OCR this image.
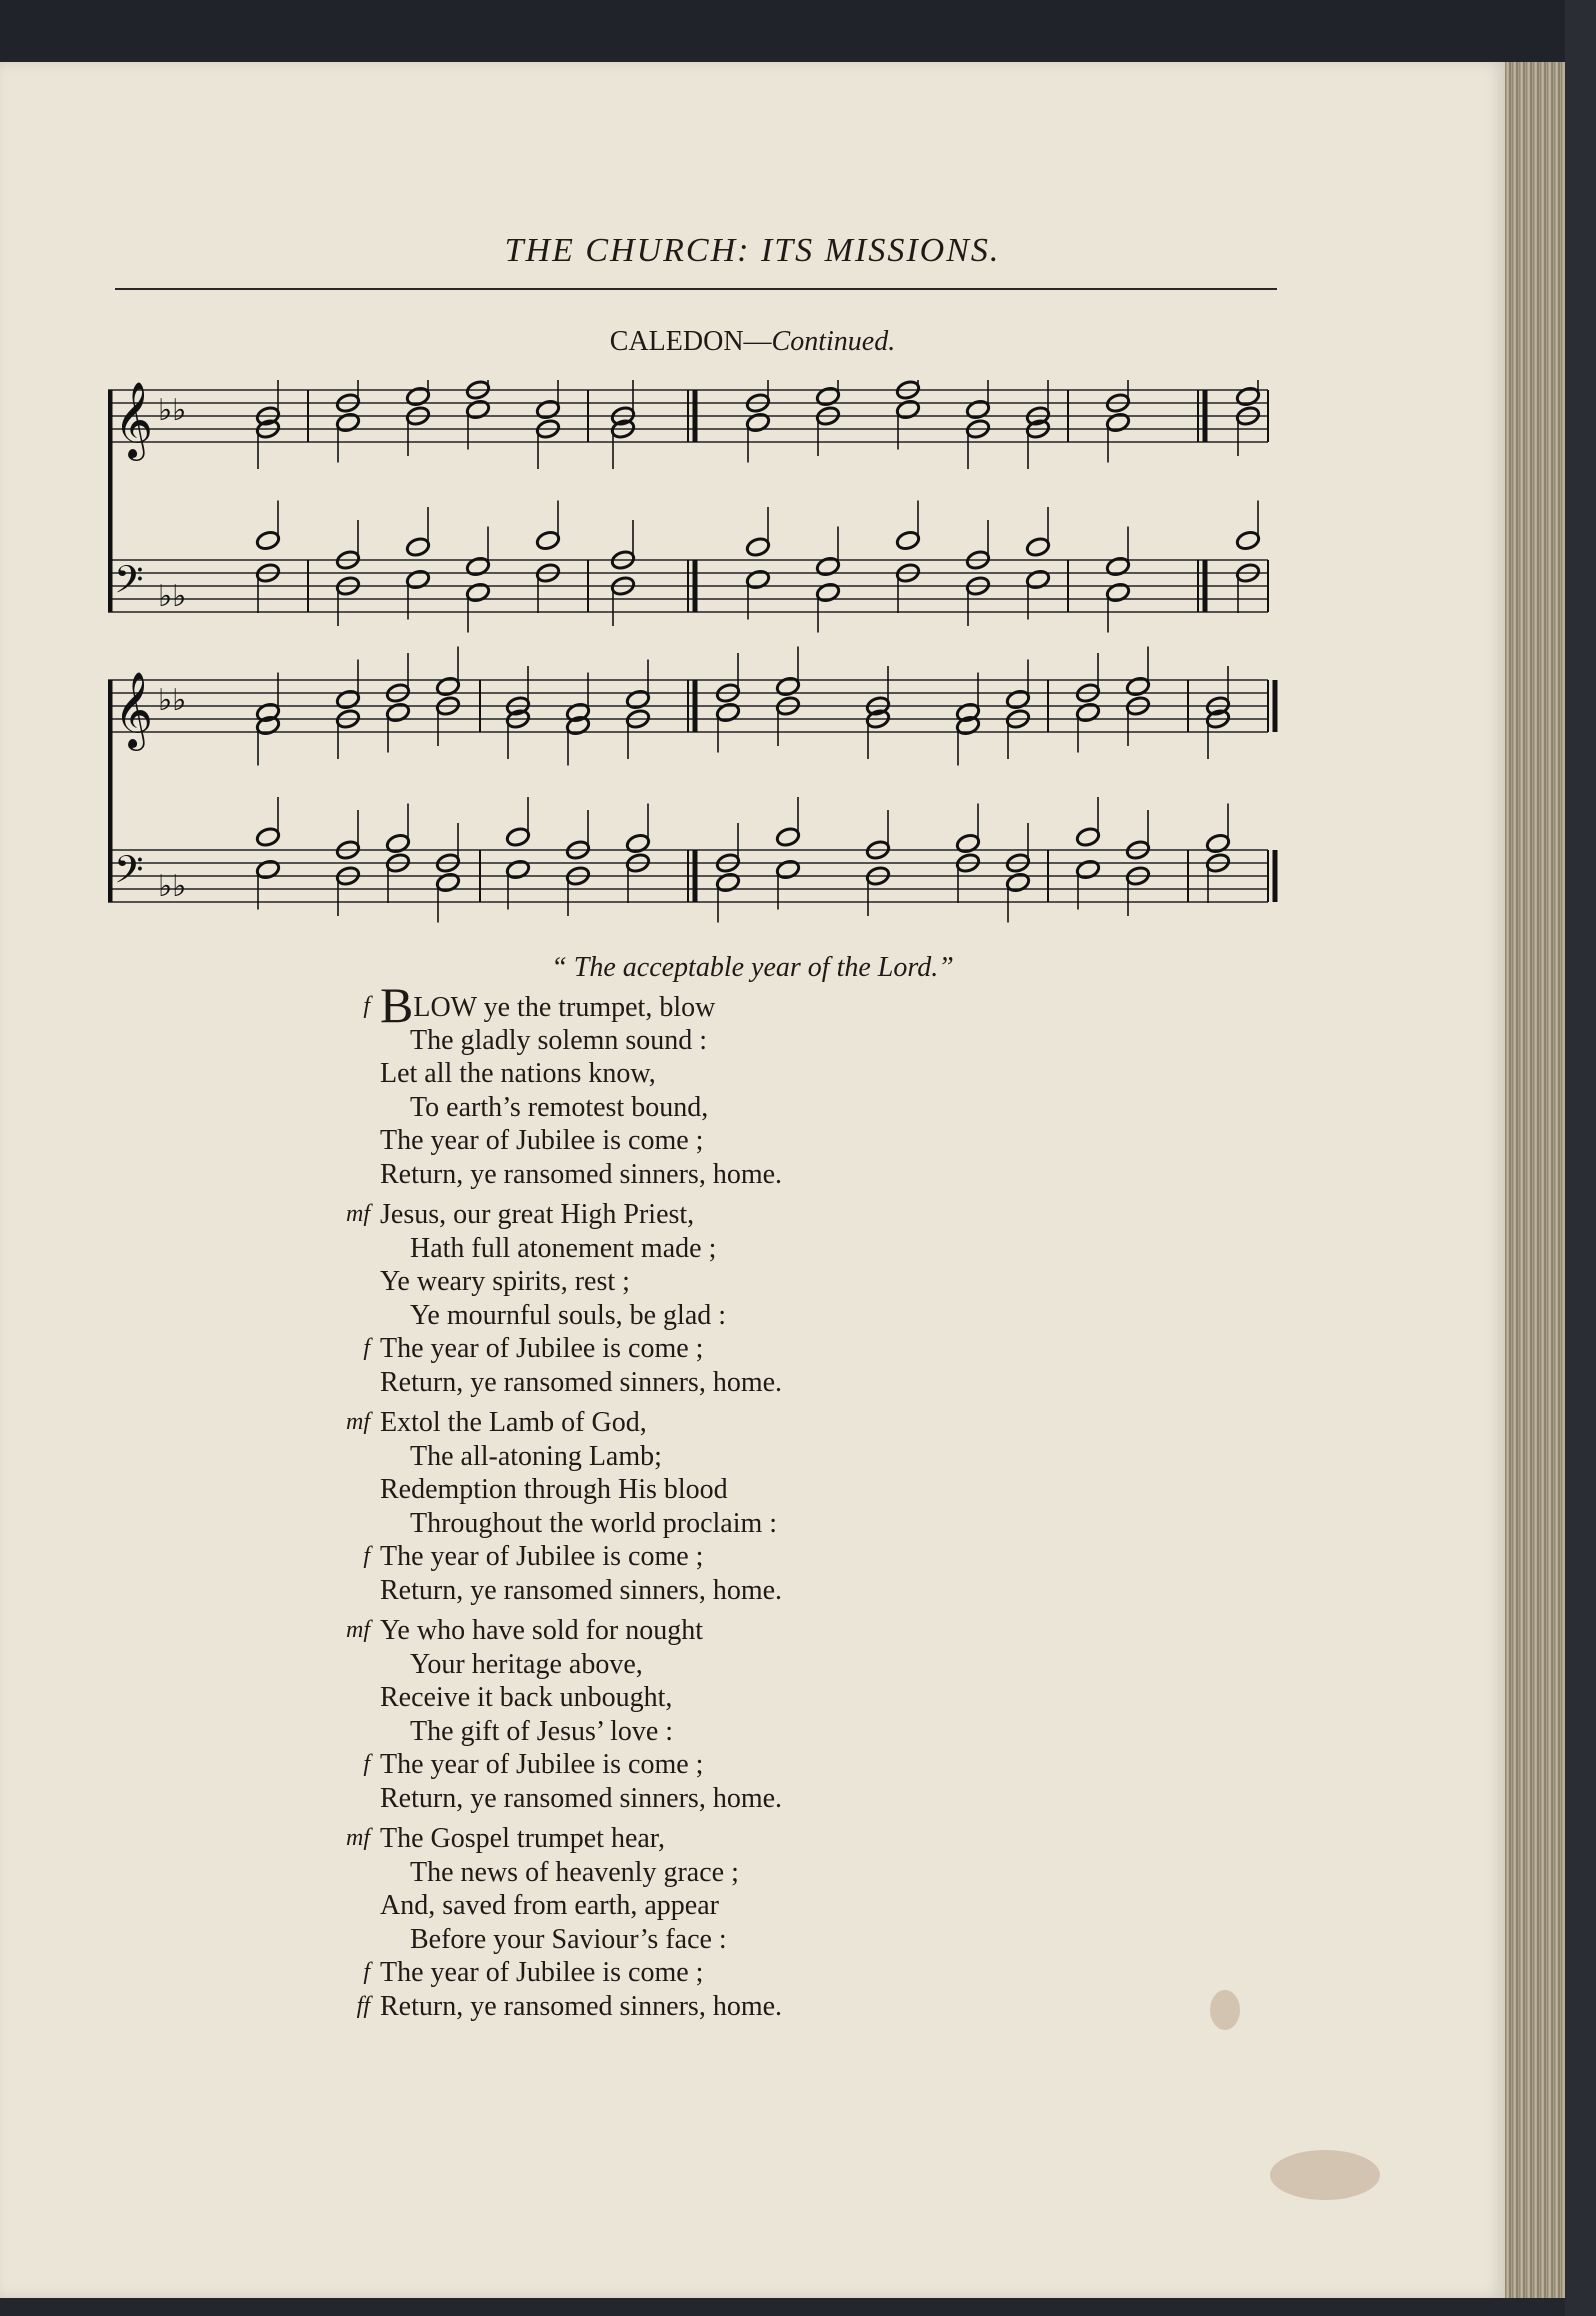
THE CHURCH: ITS MISSIONS.
CALEDON—Continued.
𝄞 ♭♭
𝄞 ♭♭
𝄢 ♭♭
𝄢 ♭♭
“ The acceptable year of the Lord.”
f BLOW ye the trumpet, blow
The gladly solemn sound :
Let all the nations know,
To earth’s remotest bound,
The year of Jubilee is come ;
Return, ye ransomed sinners, home.
mf Jesus, our great High Priest,
Hath full atonement made ;
Ye weary spirits, rest ;
Ye mournful souls, be glad :
f The year of Jubilee is come ;
Return, ye ransomed sinners, home.
mf Extol the Lamb of God,
The all-atoning Lamb;
Redemption through His blood
Throughout the world proclaim :
f The year of Jubilee is come ;
Return, ye ransomed sinners, home.
mf Ye who have sold for nought
Your heritage above,
Receive it back unbought,
The gift of Jesus’ love :
f The year of Jubilee is come ;
Return, ye ransomed sinners, home.
mf The Gospel trumpet hear,
The news of heavenly grace ;
And, saved from earth, appear
Before your Saviour’s face :
f The year of Jubilee is come ;
ff Return, ye ransomed sinners, home.
